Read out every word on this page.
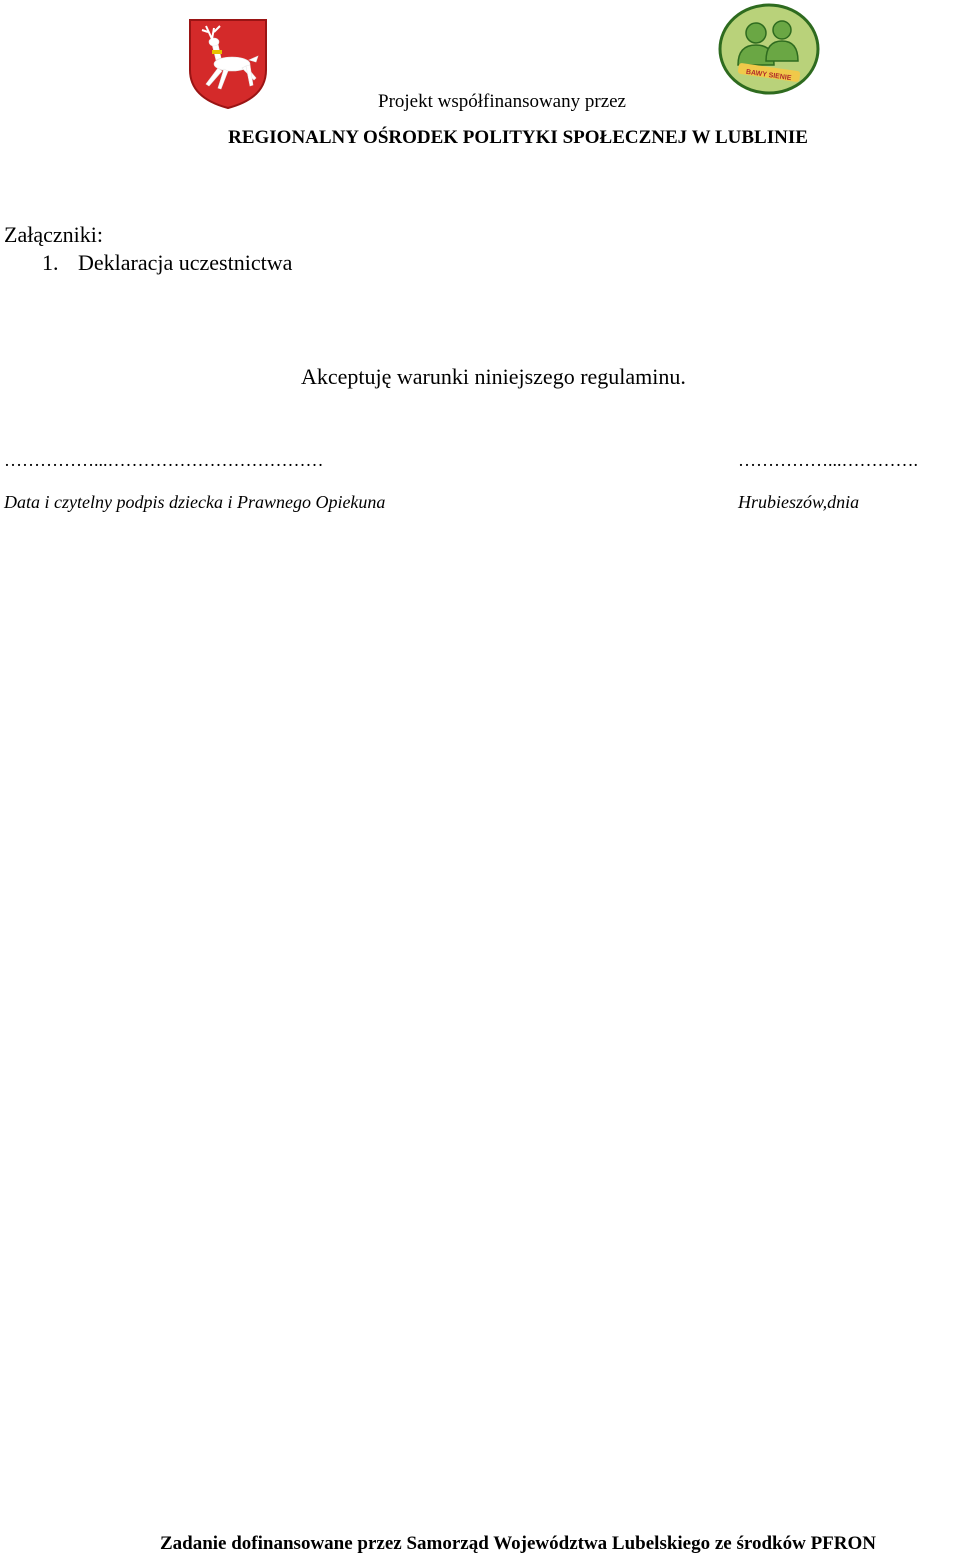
BAWY SIENIE
Projekt współfinansowany przez
REGIONALNY OŚRODEK POLITYKI SPOŁECZNEJ W LUBLINIE
Załączniki:
1. Deklaracja uczestnictwa
Akceptuję warunki niniejszego regulaminu.
……………...………………………………	……………...………….
Data i czytelny podpis dziecka i Prawnego Opiekuna	Hrubieszów,dnia
Zadanie dofinansowane przez Samorząd Województwa Lubelskiego ze środków PFRON
